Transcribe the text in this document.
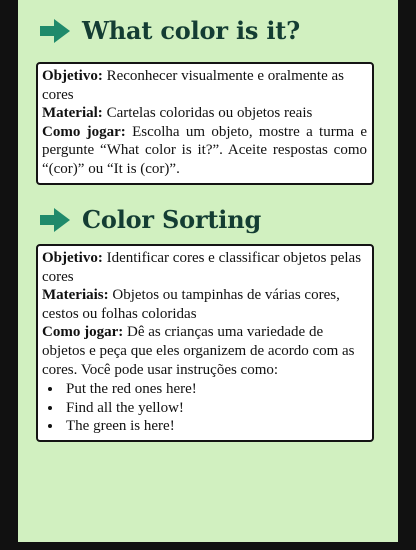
What color is it?

Objetivo: Reconhecer visualmente e oralmente as cores

Material: Cartelas coloridas ou objetos reais

Como jogar: Escolha um objeto, mostre a turma e pergunte “What color is it?”. Aceite respostas como “(cor)” ou “It is (cor)”.

Color Sorting

Objetivo: Identificar cores e classificar objetos pelas cores

Materiais: Objetos ou tampinhas de várias cores, cestos ou folhas coloridas

Como jogar: Dê as crianças uma variedade de objetos e peça que eles organizem de acordo com as cores. Você pode usar instruções como:

• Put the red ones here!
• Find all the yellow!
• The green is here!
